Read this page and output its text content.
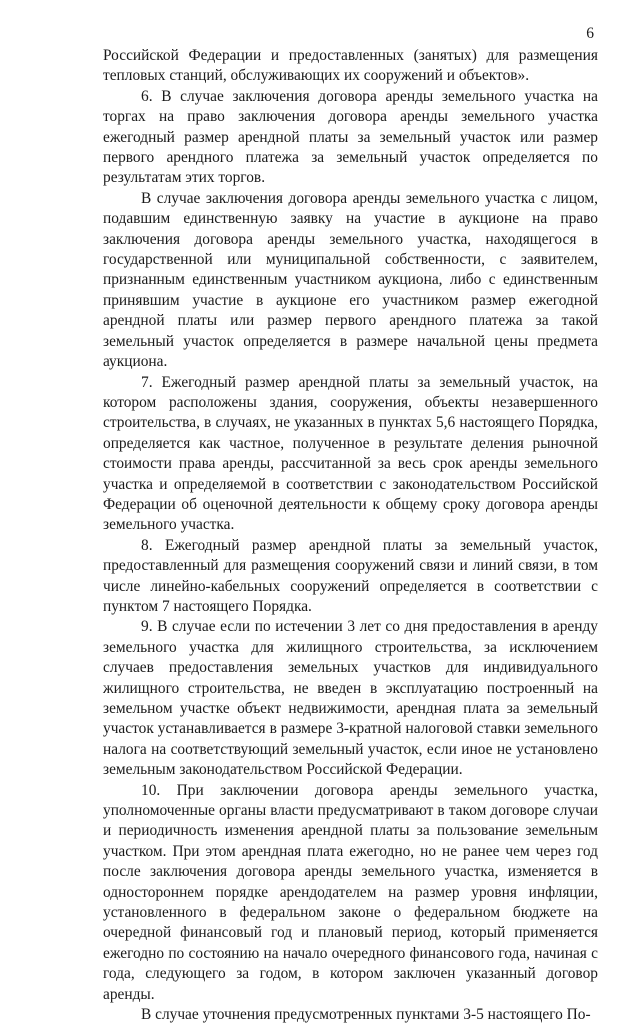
6

Российской Федерации и предоставленных (занятых) для размещения тепловых станций, обслуживающих их сооружений и объектов».

6. В случае заключения договора аренды земельного участка на торгах на право заключения договора аренды земельного участка ежегодный размер арендной платы за земельный участок или размер первого арендного платежа за земельный участок определяется по результатам этих торгов.

В случае заключения договора аренды земельного участка с лицом, подавшим единственную заявку на участие в аукционе на право заключения договора аренды земельного участка, находящегося в государственной или муниципальной собственности, с заявителем, признанным единственным участником аукциона, либо с единственным принявшим участие в аукционе его участником размер ежегодной арендной платы или размер первого арендного платежа за такой земельный участок определяется в размере начальной цены предмета аукциона.

7. Ежегодный размер арендной платы за земельный участок, на котором расположены здания, сооружения, объекты незавершенного строительства, в случаях, не указанных в пунктах 5,6 настоящего Порядка, определяется как частное, полученное в результате деления рыночной стоимости права аренды, рассчитанной за весь срок аренды земельного участка и определяемой в соответствии с законодательством Российской Федерации об оценочной деятельности к общему сроку договора аренды земельного участка.

8. Ежегодный размер арендной платы за земельный участок, предоставленный для размещения сооружений связи и линий связи, в том числе линейно-кабельных сооружений определяется в соответствии с пунктом 7 настоящего Порядка.

9. В случае если по истечении 3 лет со дня предоставления в аренду земельного участка для жилищного строительства, за исключением случаев предоставления земельных участков для индивидуального жилищного строительства, не введен в эксплуатацию построенный на земельном участке объект недвижимости, арендная плата за земельный участок устанавливается в размере 3-кратной налоговой ставки земельного налога на соответствующий земельный участок, если иное не установлено земельным законодательством Российской Федерации.

10. При заключении договора аренды земельного участка, уполномоченные органы власти предусматривают в таком договоре случаи и периодичность изменения арендной платы за пользование земельным участком. При этом арендная плата ежегодно, но не ранее чем через год после заключения договора аренды земельного участка, изменяется в одностороннем порядке арендодателем на размер уровня инфляции, установленного в федеральном законе о федеральном бюджете на очередной финансовый год и плановый период, который применяется ежегодно по состоянию на начало очередного финансового года, начиная с года, следующего за годом, в котором заключен указанный договор аренды.

В случае уточнения предусмотренных пунктами 3-5 настоящего По-
